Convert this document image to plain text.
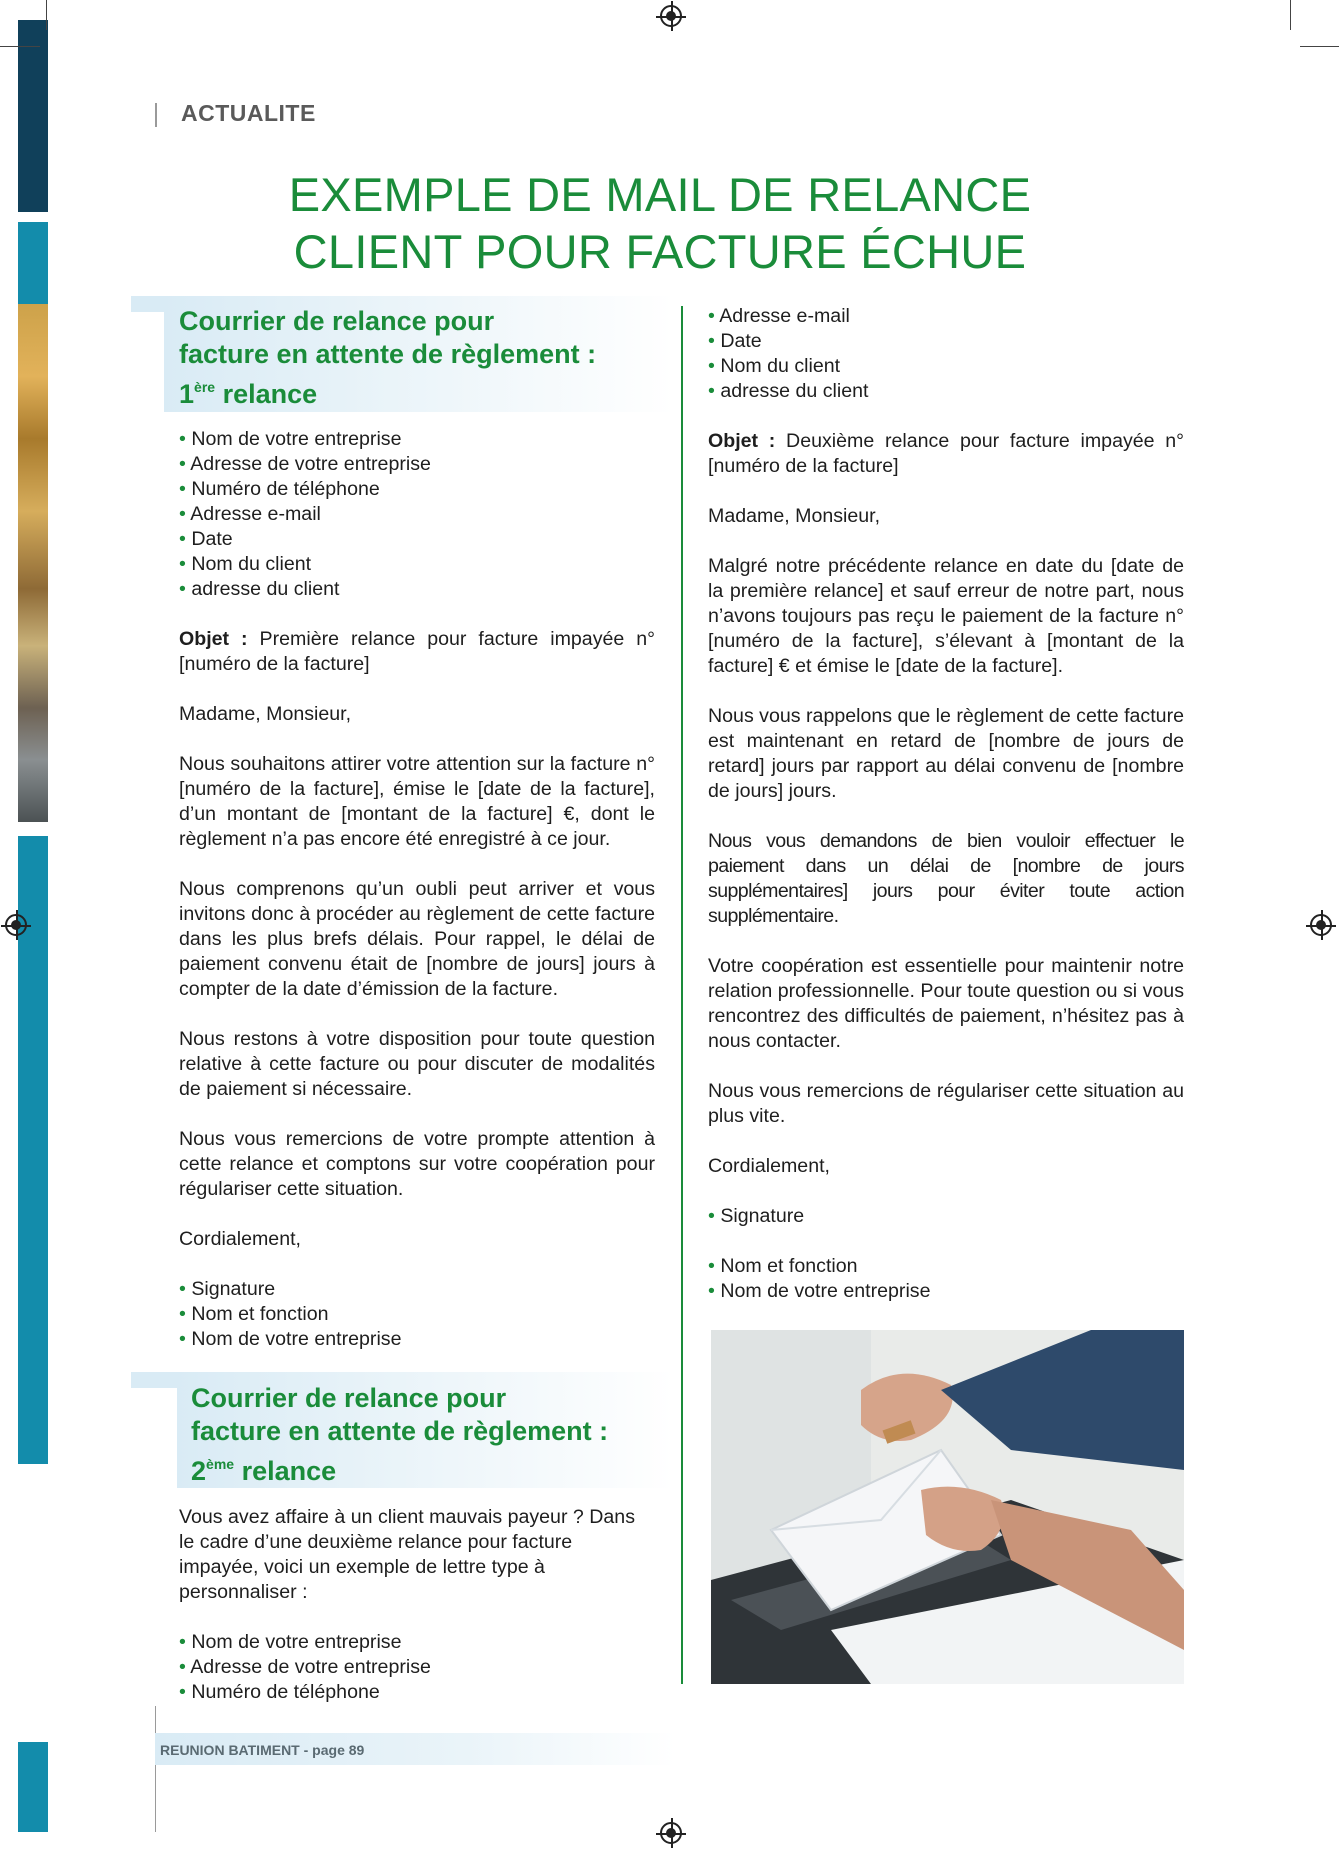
ACTUALITE
EXEMPLE DE MAIL DE RELANCE
CLIENT POUR FACTURE ÉCHUE
Courrier de relance pour
facture en attente de règlement :
1ère relance
• Nom de votre entreprise
• Adresse de votre entreprise
• Numéro de téléphone
• Adresse e-mail
• Date
• Nom du client
• adresse du client

Objet : Première relance pour facture impayée n° [numéro de la facture]

Madame, Monsieur,

Nous souhaitons attirer votre attention sur la facture n° [numéro de la facture], émise le [date de la facture], d’un montant de [montant de la facture] €, dont le règlement n’a pas encore été enregistré à ce jour.

Nous comprenons qu’un oubli peut arriver et vous invitons donc à procéder au règlement de cette facture dans les plus brefs délais. Pour rappel, le délai de paiement convenu était de [nombre de jours] jours à compter de la date d’émission de la facture.

Nous restons à votre disposition pour toute question relative à cette facture ou pour discuter de modalités de paiement si nécessaire.

Nous vous remercions de votre prompte attention à cette relance et comptons sur votre coopération pour régulariser cette situation.

Cordialement,

• Signature
• Nom et fonction
• Nom de votre entreprise
Courrier de relance pour
facture en attente de règlement :
2ème relance

Vous avez affaire à un client mauvais payeur ? Dans le cadre d’une deuxième relance pour facture impayée, voici un exemple de lettre type à personnaliser :

• Nom de votre entreprise
• Adresse de votre entreprise
• Numéro de téléphone
• Adresse e-mail
• Date
• Nom du client
• adresse du client

Objet : Deuxième relance pour facture impayée n° [numéro de la facture]

Madame, Monsieur,

Malgré notre précédente relance en date du [date de la première relance] et sauf erreur de notre part, nous n’avons toujours pas reçu le paiement de la facture n° [numéro de la facture], s’élevant à [montant de la facture] € et émise le [date de la facture].

Nous vous rappelons que le règlement de cette facture est maintenant en retard de [nombre de jours de retard] jours par rapport au délai convenu de [nombre de jours] jours.

Nous vous demandons de bien vouloir effectuer le paiement dans un délai de [nombre de jours supplémentaires] jours pour éviter toute action supplémentaire.

Votre coopération est essentielle pour maintenir notre relation professionnelle. Pour toute question ou si vous rencontrez des difficultés de paiement, n’hésitez pas à nous contacter.

Nous vous remercions de régulariser cette situation au plus vite.

Cordialement,

• Signature
• Nom et fonction
• Nom de votre entreprise
REUNION BATIMENT - page 89
